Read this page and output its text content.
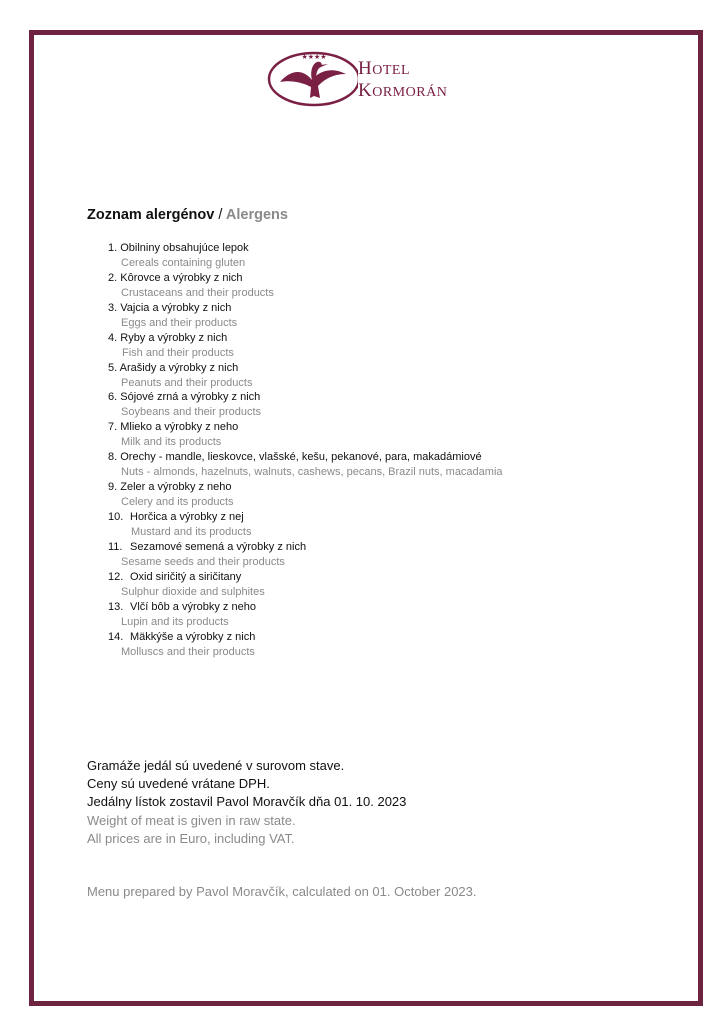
★★★★
HOTEL
KORMORÁN
Zoznam alergénov / Alergens
1. Obilniny obsahujúce lepok
Cereals containing gluten
2. Kôrovce a výrobky z nich
Crustaceans and their products
3. Vajcia a výrobky z nich
Eggs and their products
4. Ryby a výrobky z nich
Fish and their products
5. Arašidy a výrobky z nich
Peanuts and their products
6. Sójové zrná a výrobky z nich
Soybeans and their products
7. Mlieko a výrobky z neho
Milk and its products
8. Orechy - mandle, lieskovce, vlašské, kešu, pekanové, para, makadámiové
Nuts - almonds, hazelnuts, walnuts, cashews, pecans, Brazil nuts, macadamia
9. Zeler a výrobky z neho
Celery and its products
10. Horčica a výrobky z nej
Mustard and its products
11. Sezamové semená a výrobky z nich
Sesame seeds and their products
12. Oxid siričitý a siričitany
Sulphur dioxide and sulphites
13. Vlčí bôb a výrobky z neho
Lupin and its products
14. Mäkkýše a výrobky z nich
Molluscs and their products
Gramáže jedál sú uvedené v surovom stave.
Ceny sú uvedené vrátane DPH.
Jedálny lístok zostavil Pavol Moravčík dňa 01. 10. 2023
Weight of meat is given in raw state.
All prices are in Euro, including VAT.
Menu prepared by Pavol Moravčík, calculated on 01. October 2023.
